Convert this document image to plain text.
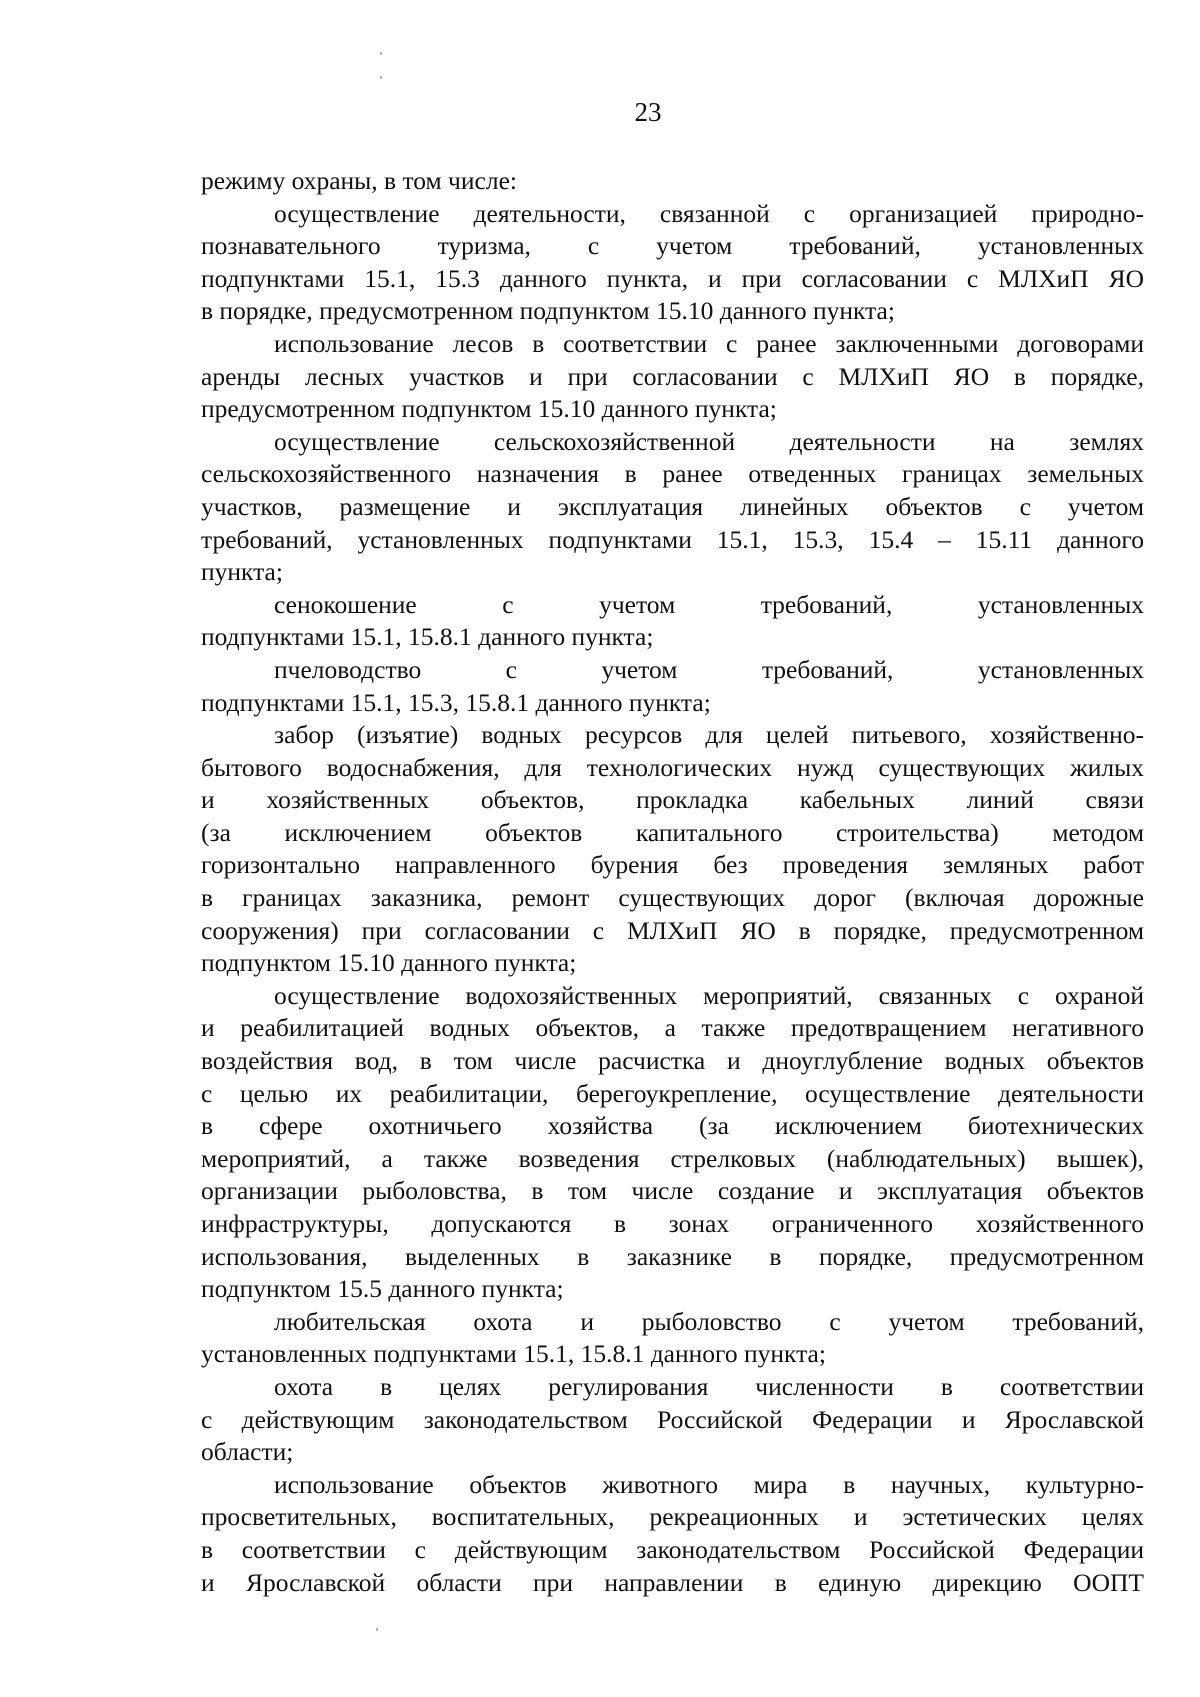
23
режиму охраны, в том числе:
осуществление деятельности, связанной с организацией природно-
познавательного туризма, с учетом требований, установленных
подпунктами 15.1, 15.3 данного пункта, и при согласовании с МЛХиП ЯО
в порядке, предусмотренном подпунктом 15.10 данного пункта;
использование лесов в соответствии с ранее заключенными договорами
аренды лесных участков и при согласовании с МЛХиП ЯО в порядке,
предусмотренном подпунктом 15.10 данного пункта;
осуществление сельскохозяйственной деятельности на землях
сельскохозяйственного назначения в ранее отведенных границах земельных
участков, размещение и эксплуатация линейных объектов с учетом
требований, установленных подпунктами 15.1, 15.3, 15.4 – 15.11 данного
пункта;
сенокошение с учетом требований, установленных
подпунктами 15.1, 15.8.1 данного пункта;
пчеловодство с учетом требований, установленных
подпунктами 15.1, 15.3, 15.8.1 данного пункта;
забор (изъятие) водных ресурсов для целей питьевого, хозяйственно-
бытового водоснабжения, для технологических нужд существующих жилых
и хозяйственных объектов, прокладка кабельных линий связи
(за исключением объектов капитального строительства) методом
горизонтально направленного бурения без проведения земляных работ
в границах заказника, ремонт существующих дорог (включая дорожные
сооружения) при согласовании с МЛХиП ЯО в порядке, предусмотренном
подпунктом 15.10 данного пункта;
осуществление водохозяйственных мероприятий, связанных с охраной
и реабилитацией водных объектов, а также предотвращением негативного
воздействия вод, в том числе расчистка и дноуглубление водных объектов
с целью их реабилитации, берегоукрепление, осуществление деятельности
в сфере охотничьего хозяйства (за исключением биотехнических
мероприятий, а также возведения стрелковых (наблюдательных) вышек),
организации рыболовства, в том числе создание и эксплуатация объектов
инфраструктуры, допускаются в зонах ограниченного хозяйственного
использования, выделенных в заказнике в порядке, предусмотренном
подпунктом 15.5 данного пункта;
любительская охота и рыболовство с учетом требований,
установленных подпунктами 15.1, 15.8.1 данного пункта;
охота в целях регулирования численности в соответствии
с действующим законодательством Российской Федерации и Ярославской
области;
использование объектов животного мира в научных, культурно-
просветительных, воспитательных, рекреационных и эстетических целях
в соответствии с действующим законодательством Российской Федерации
и Ярославской области при направлении в единую дирекцию ООПТ
